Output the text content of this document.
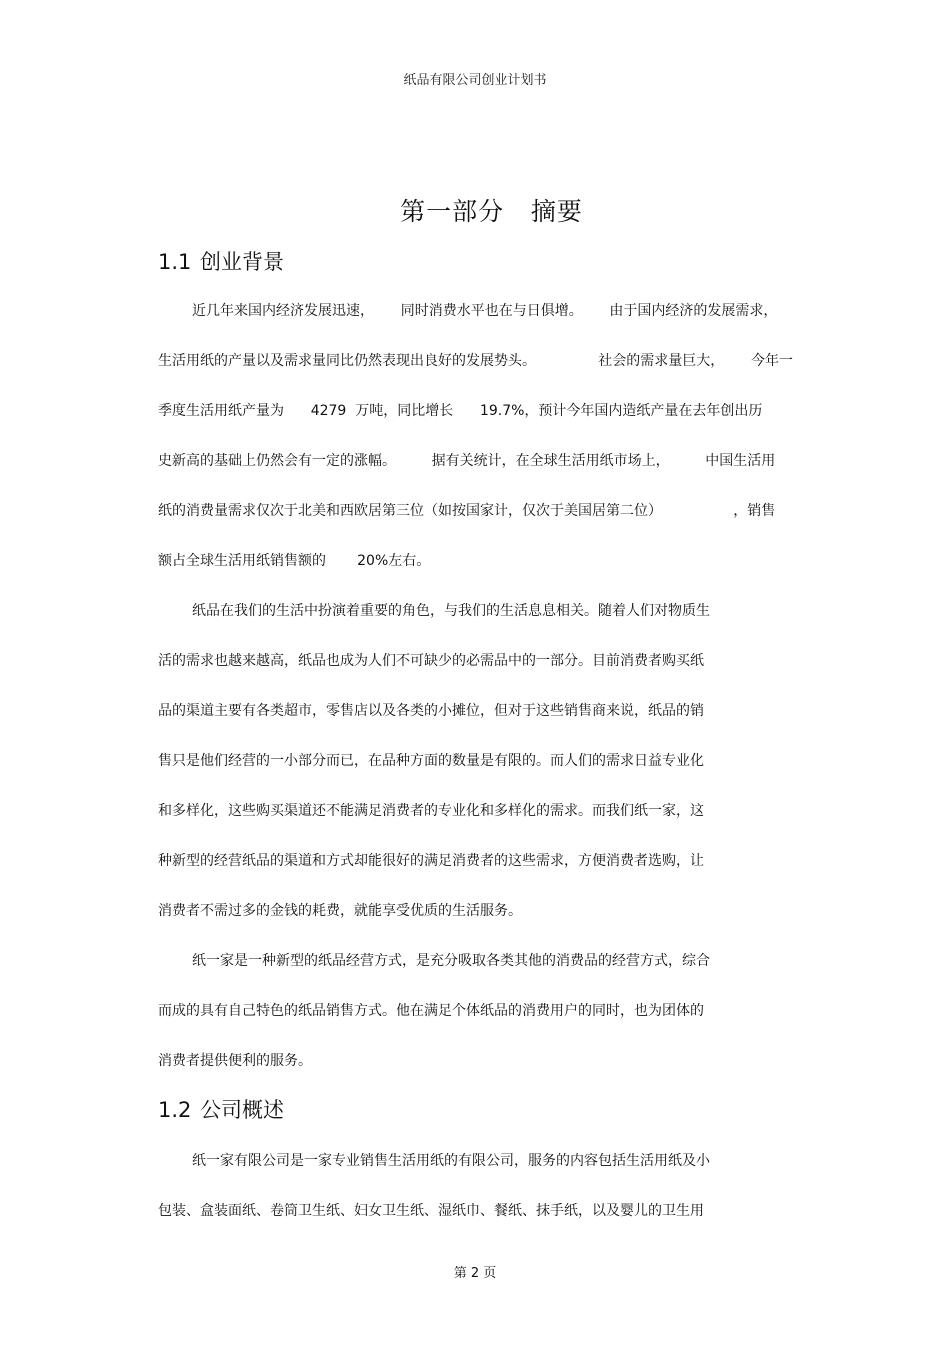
纸品有限公司创业计划书
第一部分   摘要
1.1 创业背景
近几年来国内经济发展迅速，      同时消费水平也在与日俱增。      由于国内经济的发展需求，
生活用纸的产量以及需求量同比仍然表现出良好的发展势头。              社会的需求量巨大，      今年一
季度生活用纸产量为      4279  万吨，同比增长      19.7%，预计今年国内造纸产量在去年创出历
史新高的基础上仍然会有一定的涨幅。        据有关统计，在全球生活用纸市场上，        中国生活用
纸的消费量需求仅次于北美和西欧居第三位（如按国家计，仅次于美国居第二位）                ，销售
额占全球生活用纸销售额的       20%左右。
纸品在我们的生活中扮演着重要的角色，与我们的生活息息相关。随着人们对物质生
活的需求也越来越高，纸品也成为人们不可缺少的必需品中的一部分。目前消费者购买纸
品的渠道主要有各类超市，零售店以及各类的小摊位，但对于这些销售商来说，纸品的销
售只是他们经营的一小部分而已，在品种方面的数量是有限的。而人们的需求日益专业化
和多样化，这些购买渠道还不能满足消费者的专业化和多样化的需求。而我们纸一家，这
种新型的经营纸品的渠道和方式却能很好的满足消费者的这些需求，方便消费者选购，让
消费者不需过多的金钱的耗费，就能享受优质的生活服务。
纸一家是一种新型的纸品经营方式，是充分吸取各类其他的消费品的经营方式，综合
而成的具有自己特色的纸品销售方式。他在满足个体纸品的消费用户的同时，也为团体的
消费者提供便利的服务。
1.2 公司概述
纸一家有限公司是一家专业销售生活用纸的有限公司，服务的内容包括生活用纸及小
包装、盒装面纸、卷筒卫生纸、妇女卫生纸、湿纸巾、餐纸、抹手纸，以及婴儿的卫生用
第 2 页
